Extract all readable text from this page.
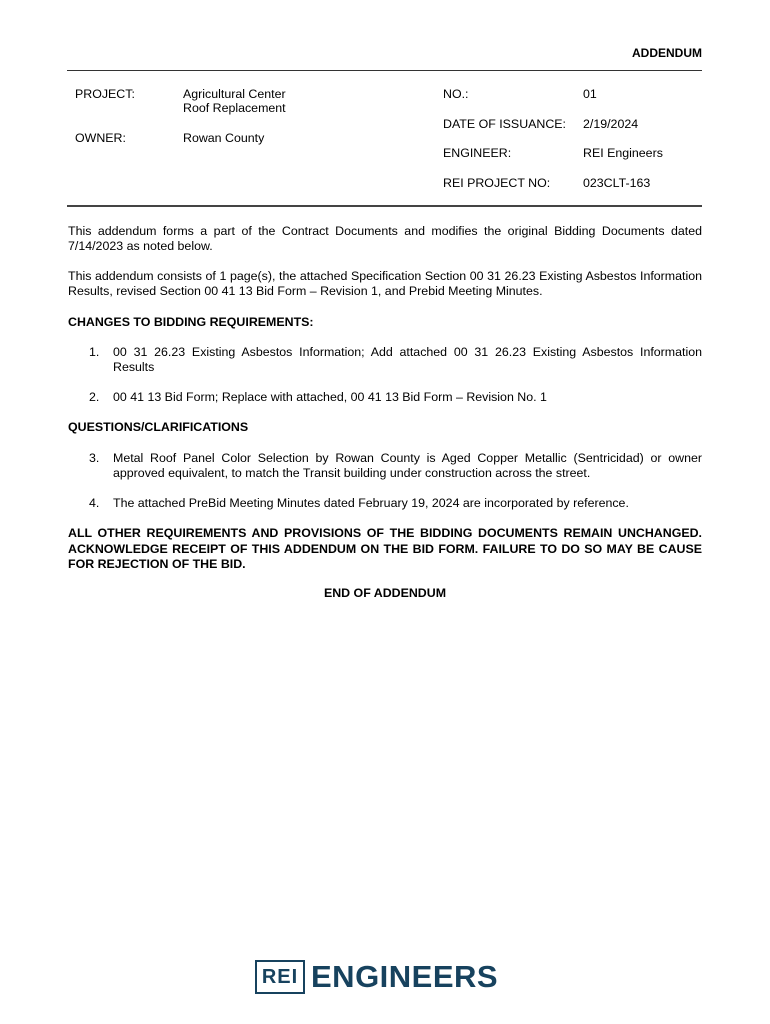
ADDENDUM
PROJECT:	Agricultural Center
Roof Replacement
OWNER:	Rowan County
NO.:	01
DATE OF ISSUANCE: 2/19/2024
ENGINEER:	REI Engineers
REI PROJECT NO:	023CLT-163
This addendum forms a part of the Contract Documents and modifies the original Bidding Documents dated 7/14/2023 as noted below.
This addendum consists of 1 page(s), the attached Specification Section 00 31 26.23 Existing Asbestos Information Results, revised Section 00 41 13 Bid Form – Revision 1, and Prebid Meeting Minutes.
CHANGES TO BIDDING REQUIREMENTS:
1. 00 31 26.23 Existing Asbestos Information; Add attached 00 31 26.23 Existing Asbestos Information Results
2. 00 41 13 Bid Form; Replace with attached, 00 41 13 Bid Form – Revision No. 1
QUESTIONS/CLARIFICATIONS
3. Metal Roof Panel Color Selection by Rowan County is Aged Copper Metallic (Sentricidad) or owner approved equivalent, to match the Transit building under construction across the street.
4. The attached PreBid Meeting Minutes dated February 19, 2024 are incorporated by reference.
ALL OTHER REQUIREMENTS AND PROVISIONS OF THE BIDDING DOCUMENTS REMAIN UNCHANGED. ACKNOWLEDGE RECEIPT OF THIS ADDENDUM ON THE BID FORM. FAILURE TO DO SO MAY BE CAUSE FOR REJECTION OF THE BID.
END OF ADDENDUM
REI ENGINEERS
